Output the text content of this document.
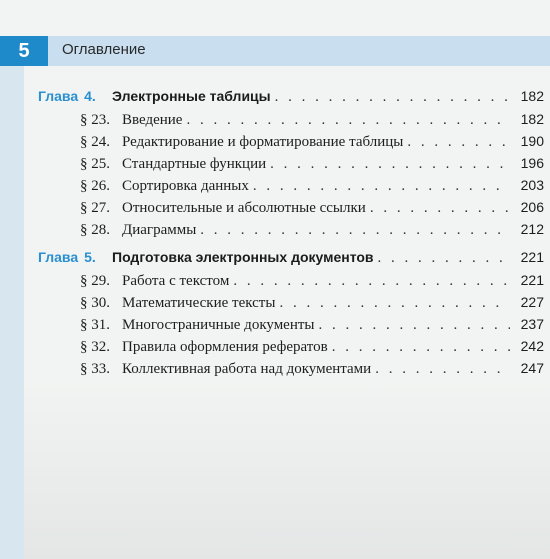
5	Оглавление
Глава 4.	Электронные таблицы . . .	182
§ 23. Введение . . .	182
§ 24. Редактирование и форматирование таблицы . . .	190
§ 25. Стандартные функции . . .	196
§ 26. Сортировка данных . . .	203
§ 27. Относительные и абсолютные ссылки . . .	206
§ 28. Диаграммы . . .	212
Глава 5.	Подготовка электронных документов . . .	221
§ 29. Работа с текстом . . .	221
§ 30. Математические тексты . . .	227
§ 31. Многостраничные документы . . .	237
§ 32. Правила оформления рефератов . . .	242
§ 33. Коллективная работа над документами . . .	247
